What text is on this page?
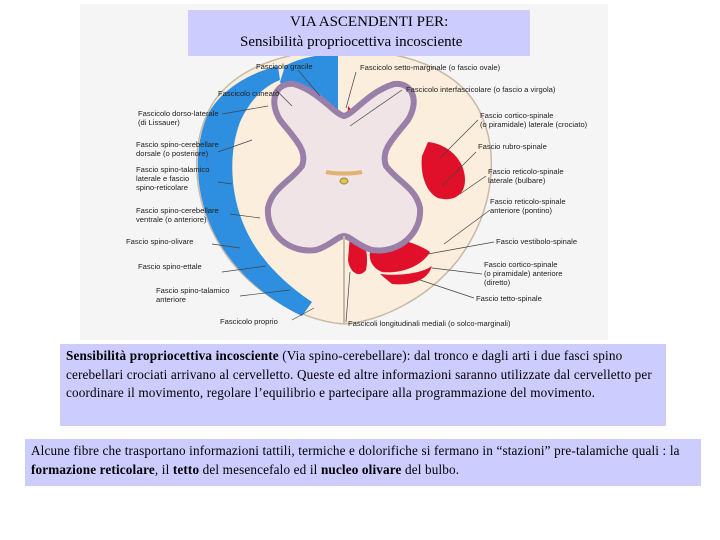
Fascicolo gracile
Fascicolo cuneato
Fascicolo dorso-laterale
(di Lissauer)
Fascio spino-cerebellare
dorsale (o posteriore)
Fascio spino-talamico
laterale e fascio
spino-reticolare
Fascio spino-cerebellare
ventrale (o anteriore)
Fascio spino-olivare
Fascio spino-ettale
Fascio spino-talamico
anteriore
Fascicolo proprio
Fascicolo setto-marginale (o fascio ovale)
Fascicolo interfascicolare (o fascio a virgola)
Fascio cortico-spinale
(o piramidale) laterale (crociato)
Fascio rubro-spinale
Fascio reticolo-spinale
laterale (bulbare)
Fascio reticolo-spinale
anteriore (pontino)
Fascio vestibolo-spinale
Fascio cortico-spinale
(o piramidale) anteriore
(diretto)
Fascio tetto-spinale
Fascicoli longitudinali mediali (o solco-marginali)
VIA ASCENDENTI PER:
Sensibilità propriocettiva incosciente
Sensibilità propriocettiva incosciente (Via spino-cerebellare): dal tronco e dagli arti i due fasci spino cerebellari crociati arrivano al cervelletto. Queste ed altre informazioni saranno utilizzate dal cervelletto per coordinare il movimento, regolare l’equilibrio e partecipare alla programmazione del movimento.
Alcune fibre che trasportano informazioni tattili, termiche e dolorifiche si fermano in “stazioni” pre-talamiche quali : la formazione reticolare, il tetto del mesencefalo ed il nucleo olivare del bulbo.
